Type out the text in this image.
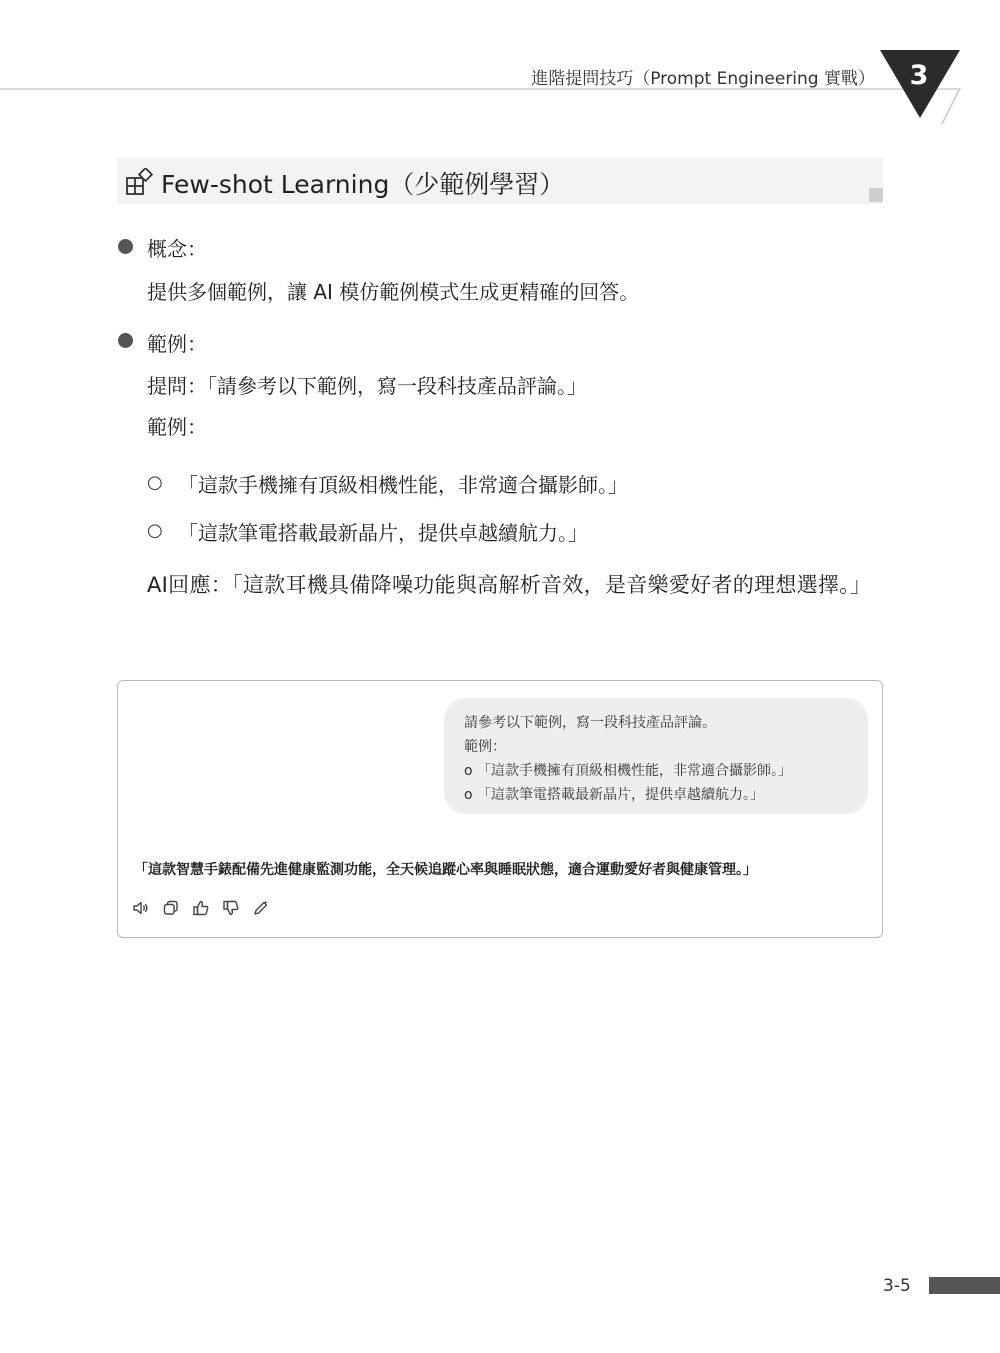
進階提問技巧（Prompt Engineering 實戰） 3
Few-shot Learning（少範例學習）
概念：
提供多個範例，讓 AI 模仿範例模式生成更精確的回答。
範例：
提問：「請參考以下範例，寫一段科技產品評論。」
範例：
○ 「這款手機擁有頂級相機性能，非常適合攝影師。」
○ 「這款筆電搭載最新晶片，提供卓越續航力。」
AI回應：「這款耳機具備降噪功能與高解析音效，是音樂愛好者的理想選擇。」
請參考以下範例，寫一段科技產品評論。
範例：
o 「這款手機擁有頂級相機性能，非常適合攝影師。」
o 「這款筆電搭載最新晶片，提供卓越續航力。」
「這款智慧手錶配備先進健康監測功能，全天候追蹤心率與睡眠狀態，適合運動愛好者與健康管理。」
3-5
